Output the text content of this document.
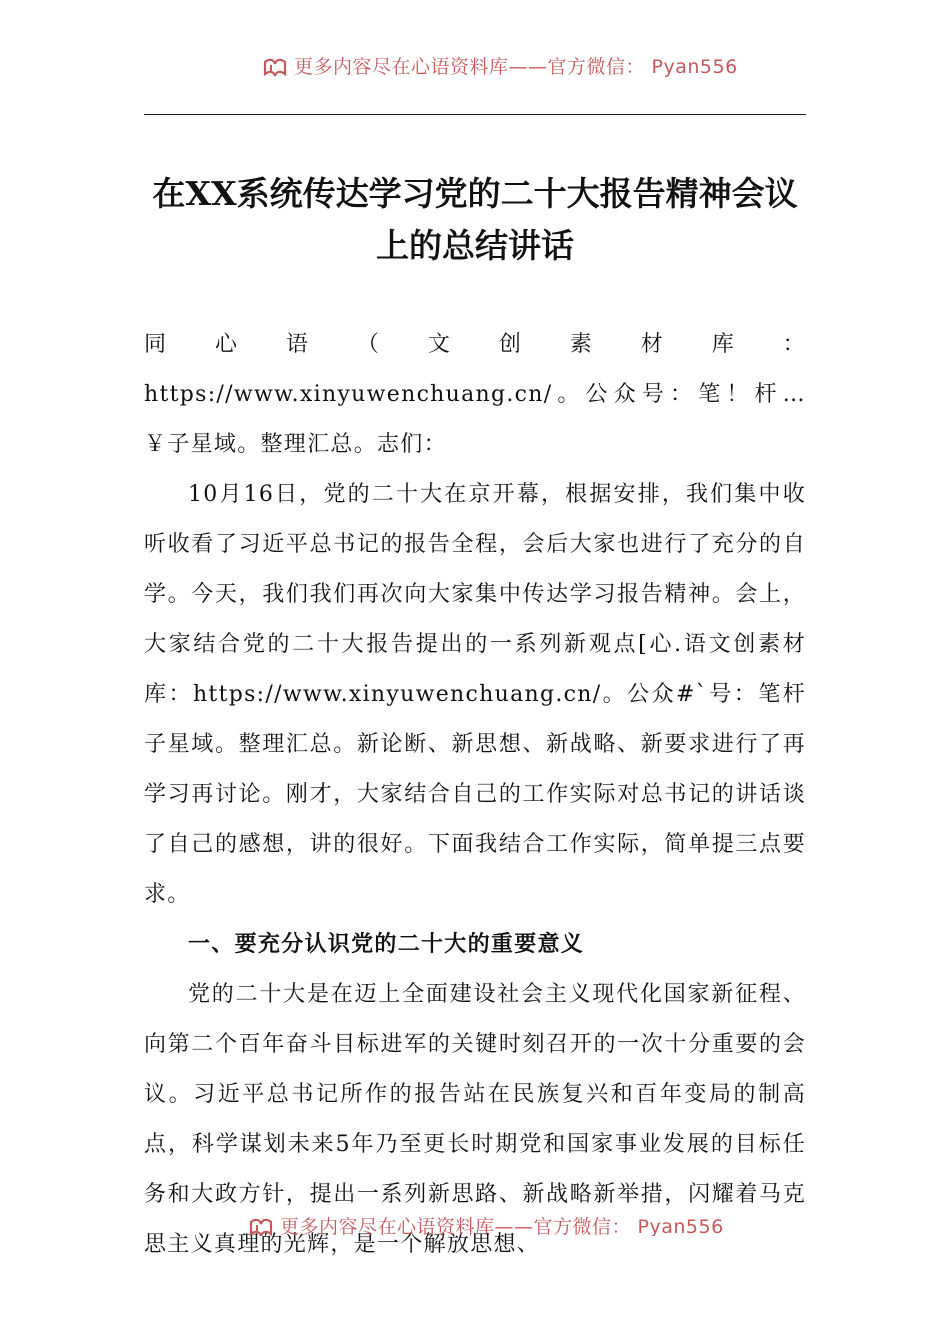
更多内容尽在心语资料库——官方微信： Pyan556
在XX系统传达学习党的二十大报告精神会议上的总结讲话

同心语（文创素材库：https://www.xinyuwenchuang.cn/。公众号：笔！杆…￥子星域。整理汇总。志们：

10月16日，党的二十大在京开幕，根据安排，我们集中收听收看了习近平总书记的报告全程，会后大家也进行了充分的自学。今天，我们我们再次向大家集中传达学习报告精神。会上，大家结合党的二十大报告提出的一系列新观点[心.语文创素材库：https://www.xinyuwenchuang.cn/。公众#`号：笔杆子星域。整理汇总。新论断、新思想、新战略、新要求进行了再学习再讨论。刚才，大家结合自己的工作实际对总书记的讲话谈了自己的感想，讲的很好。下面我结合工作实际，简单提三点要求。

一、要充分认识党的二十大的重要意义

党的二十大是在迈上全面建设社会主义现代化国家新征程、向第二个百年奋斗目标进军的关键时刻召开的一次十分重要的会议。习近平总书记所作的报告站在民族复兴和百年变局的制高点，科学谋划未来5年乃至更长时期党和国家事业发展的目标任务和大政方针，提出一系列新思路、新战略新举措，闪耀着马克思主义真理的光辉，是一个解放思想、

更多内容尽在心语资料库——官方微信： Pyan556
